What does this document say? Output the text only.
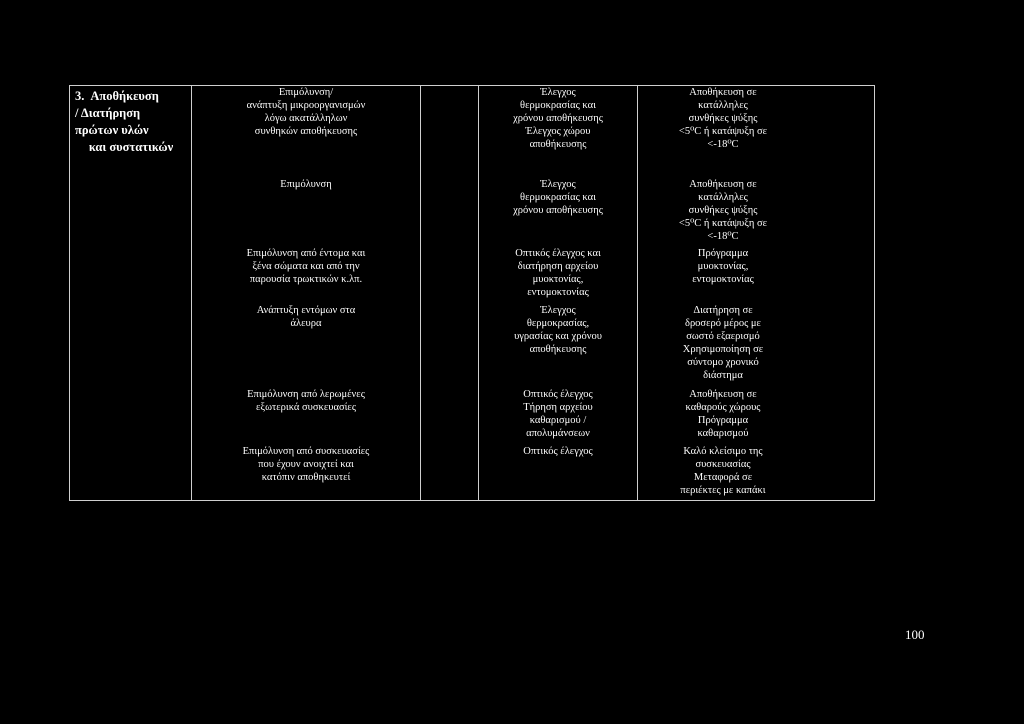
3. Αποθήκευση
/ Διατήρηση
πρώτων υλών
και συστατικών
Επιμόλυνση/
ανάπτυξη μικροοργανισμών
λόγω ακατάλληλων
συνθηκών αποθήκευσης
Έλεγχος
θερμοκρασίας και
χρόνου αποθήκευσης
Έλεγχος χώρου
αποθήκευσης
Αποθήκευση σε
κατάλληλες
συνθήκες ψύξης
<5⁰C ή κατάψυξη σε
<-18⁰C
Επιμόλυνση	Έλεγχος
θερμοκρασίας και
χρόνου αποθήκευσης
Αποθήκευση σε
κατάλληλες
συνθήκες ψύξης
<5⁰C ή κατάψυξη σε
<-18⁰C
Επιμόλυνση από έντομα και
ξένα σώματα και από την
παρουσία τρωκτικών κ.λπ.
Οπτικός έλεγχος και
διατήρηση αρχείου
μυοκτονίας,
εντομοκτονίας
Πρόγραμμα
μυοκτονίας,
εντομοκτονίας
Ανάπτυξη εντόμων στα
άλευρα
Έλεγχος
θερμοκρασίας,
υγρασίας και χρόνου
αποθήκευσης
Διατήρηση σε
δροσερό μέρος με
σωστό εξαερισμό
Χρησιμοποίηση σε
σύντομο χρονικό
διάστημα
Επιμόλυνση από λερωμένες
εξωτερικά συσκευασίες
Οπτικός έλεγχος
Τήρηση αρχείου
καθαρισμού /
απολυμάνσεων
Αποθήκευση σε
καθαρούς χώρους
Πρόγραμμα
καθαρισμού
Επιμόλυνση από συσκευασίες
που έχουν ανοιχτεί και
κατόπιν αποθηκευτεί
Οπτικός έλεγχος	Καλό κλείσιμο της
συσκευασίας
Μεταφορά σε
περιέκτες με καπάκι
100
